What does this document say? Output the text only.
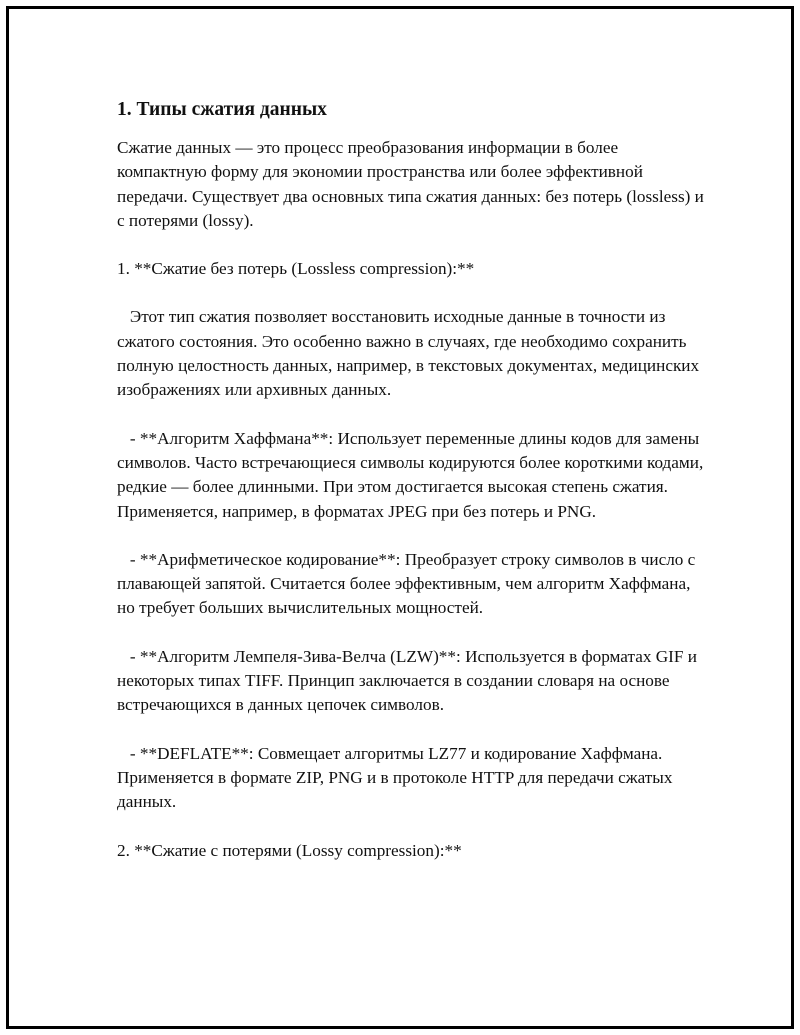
1. Типы сжатия данных

Сжатие данных — это процесс преобразования информации в более компактную форму для экономии пространства или более эффективной передачи. Существует два основных типа сжатия данных: без потерь (lossless) и с потерями (lossy).

1. **Сжатие без потерь (Lossless compression):**

Этот тип сжатия позволяет восстановить исходные данные в точности из сжатого состояния. Это особенно важно в случаях, где необходимо сохранить полную целостность данных, например, в текстовых документах, медицинских изображениях или архивных данных.

- **Алгоритм Хаффмана**: Использует переменные длины кодов для замены символов. Часто встречающиеся символы кодируются более короткими кодами, редкие — более длинными. При этом достигается высокая степень сжатия. Применяется, например, в форматах JPEG при без потерь и PNG.

- **Арифметическое кодирование**: Преобразует строку символов в число с плавающей запятой. Считается более эффективным, чем алгоритм Хаффмана, но требует больших вычислительных мощностей.

- **Алгоритм Лемпеля-Зива-Велча (LZW)**: Используется в форматах GIF и некоторых типах TIFF. Принцип заключается в создании словаря на основе встречающихся в данных цепочек символов.

- **DEFLATE**: Совмещает алгоритмы LZ77 и кодирование Хаффмана. Применяется в формате ZIP, PNG и в протоколе HTTP для передачи сжатых данных.

2. **Сжатие с потерями (Lossy compression):**
